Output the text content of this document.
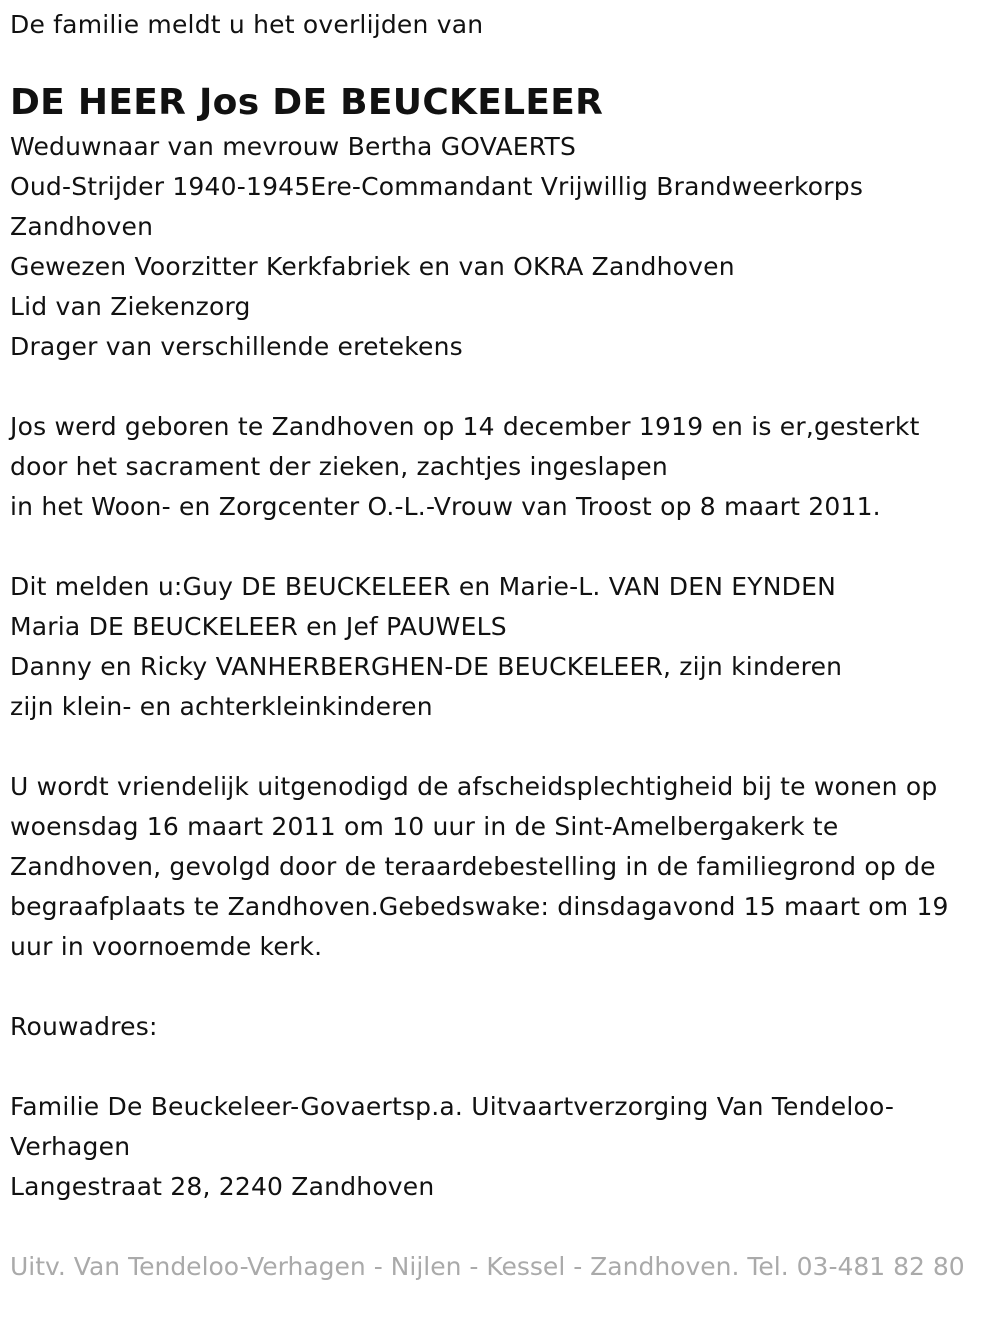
De familie meldt u het overlijden van
DE HEER Jos DE BEUCKELEER
Weduwnaar van mevrouw Bertha GOVAERTS
Oud-Strijder 1940-1945Ere-Commandant Vrijwillig Brandweerkorps
Zandhoven
Gewezen Voorzitter Kerkfabriek en van OKRA Zandhoven
Lid van Ziekenzorg
Drager van verschillende eretekens
Jos werd geboren te Zandhoven op 14 december 1919 en is er,gesterkt
door het sacrament der zieken, zachtjes ingeslapen
in het Woon- en Zorgcenter O.-L.-Vrouw van Troost op 8 maart 2011.
Dit melden u:Guy DE BEUCKELEER en Marie-L. VAN DEN EYNDEN
Maria DE BEUCKELEER en Jef PAUWELS
Danny en Ricky VANHERBERGHEN-DE BEUCKELEER, zijn kinderen
zijn klein- en achterkleinkinderen
U wordt vriendelijk uitgenodigd de afscheidsplechtigheid bij te wonen op
woensdag 16 maart 2011 om 10 uur in de Sint-Amelbergakerk te
Zandhoven, gevolgd door de teraardebestelling in de familiegrond op de
begraafplaats te Zandhoven.Gebedswake: dinsdagavond 15 maart om 19
uur in voornoemde kerk.
Rouwadres:
Familie De Beuckeleer-Govaertsp.a. Uitvaartverzorging Van Tendeloo-
Verhagen
Langestraat 28, 2240 Zandhoven
Uitv. Van Tendeloo-Verhagen - Nijlen - Kessel - Zandhoven. Tel. 03-481 82 80
